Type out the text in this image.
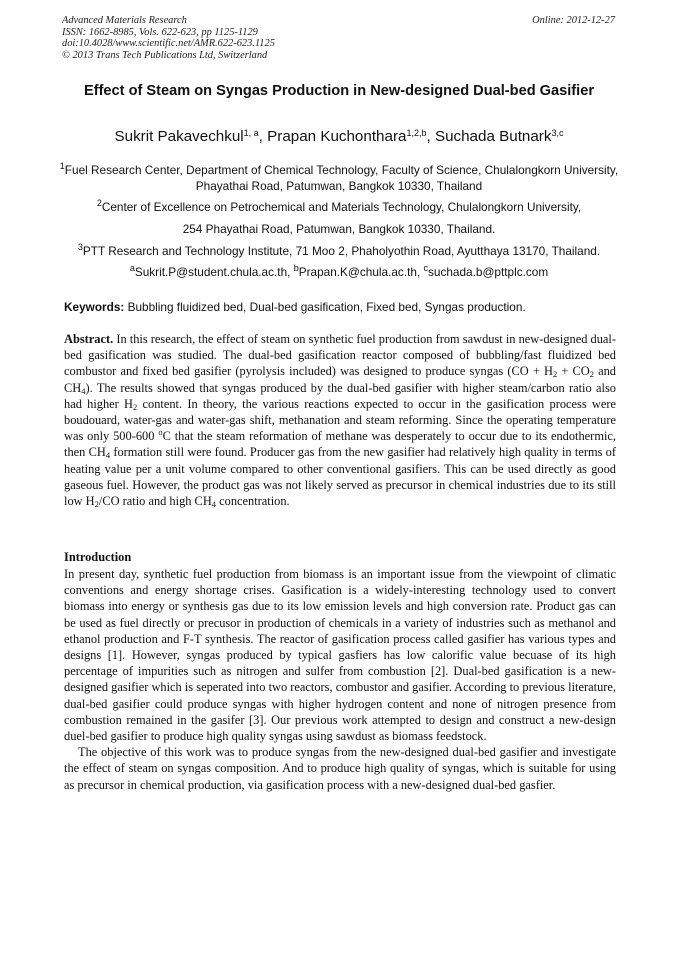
Advanced Materials Research
ISSN: 1662-8985, Vols. 622-623, pp 1125-1129
doi:10.4028/www.scientific.net/AMR.622-623.1125
© 2013 Trans Tech Publications Ltd, Switzerland
Online: 2012-12-27
Effect of Steam on Syngas Production in New-designed Dual-bed Gasifier
Sukrit Pakavechkul$^{1, a}$, Prapan Kuchonthara$^{1,2,b}$, Suchada Butnark$^{3,c}$
$^1$Fuel Research Center, Department of Chemical Technology, Faculty of Science, Chulalongkorn University, Phayathai Road, Patumwan, Bangkok 10330, Thailand
$^2$Center of Excellence on Petrochemical and Materials Technology, Chulalongkorn University,
254 Phayathai Road, Patumwan, Bangkok 10330, Thailand.
$^3$PTT Research and Technology Institute, 71 Moo 2, Phaholyothin Road, Ayutthaya 13170, Thailand.
$^a$Sukrit.P@student.chula.ac.th, $^b$Prapan.K@chula.ac.th, $^c$suchada.b@pttplc.com
Keywords: Bubbling fluidized bed, Dual-bed gasification, Fixed bed, Syngas production.
Abstract. In this research, the effect of steam on synthetic fuel production from sawdust in new-designed dual-bed gasification was studied. The dual-bed gasification reactor composed of bubbling/fast fluidized bed combustor and fixed bed gasifier (pyrolysis included) was designed to produce syngas ($CO + H_2 + CO_2$ and $CH_4$). The results showed that syngas produced by the dual-bed gasifier with higher steam/carbon ratio also had higher $H_2$ content. In theory, the various reactions expected to occur in the gasification process were boudouard, water-gas and water-gas shift, methanation and steam reforming. Since the operating temperature was only 500-600 $^o$C that the steam reformation of methane was desperately to occur due to its endothermic, then $CH_4$ formation still were found. Producer gas from the new gasifier had relatively high quality in terms of heating value per a unit volume compared to other conventional gasifiers. This can be used directly as good gaseous fuel. However, the product gas was not likely served as precursor in chemical industries due to its still low $H_2/CO$ ratio and high $CH_4$ concentration.
Introduction

In present day, synthetic fuel production from biomass is an important issue from the viewpoint of climatic conventions and energy shortage crises. Gasification is a widely-interesting technology used to convert biomass into energy or synthesis gas due to its low emission levels and high conversion rate. Product gas can be used as fuel directly or precusor in production of chemicals in a variety of industries such as methanol and ethanol production and F-T synthesis. The reactor of gasification process called gasifier has various types and designs [1]. However, syngas produced by typical gasfiers has low calorific value becuase of its high percentage of impurities such as nitrogen and sulfer from combustion [2]. Dual-bed gasification is a new-designed gasifier which is seperated into two reactors, combustor and gasifier. According to previous literature, dual-bed gasifier could produce syngas with higher hydrogen content and none of nitrogen presence from combustion remained in the gasifer [3]. Our previous work attempted to design and construct a new-design duel-bed gasifier to produce high quality syngas using sawdust as biomass feedstock.

The objective of this work was to produce syngas from the new-designed dual-bed gasifier and investigate the effect of steam on syngas composition. And to produce high quality of syngas, which is suitable for using as precursor in chemical production, via gasification process with a new-designed dual-bed gasfier.
